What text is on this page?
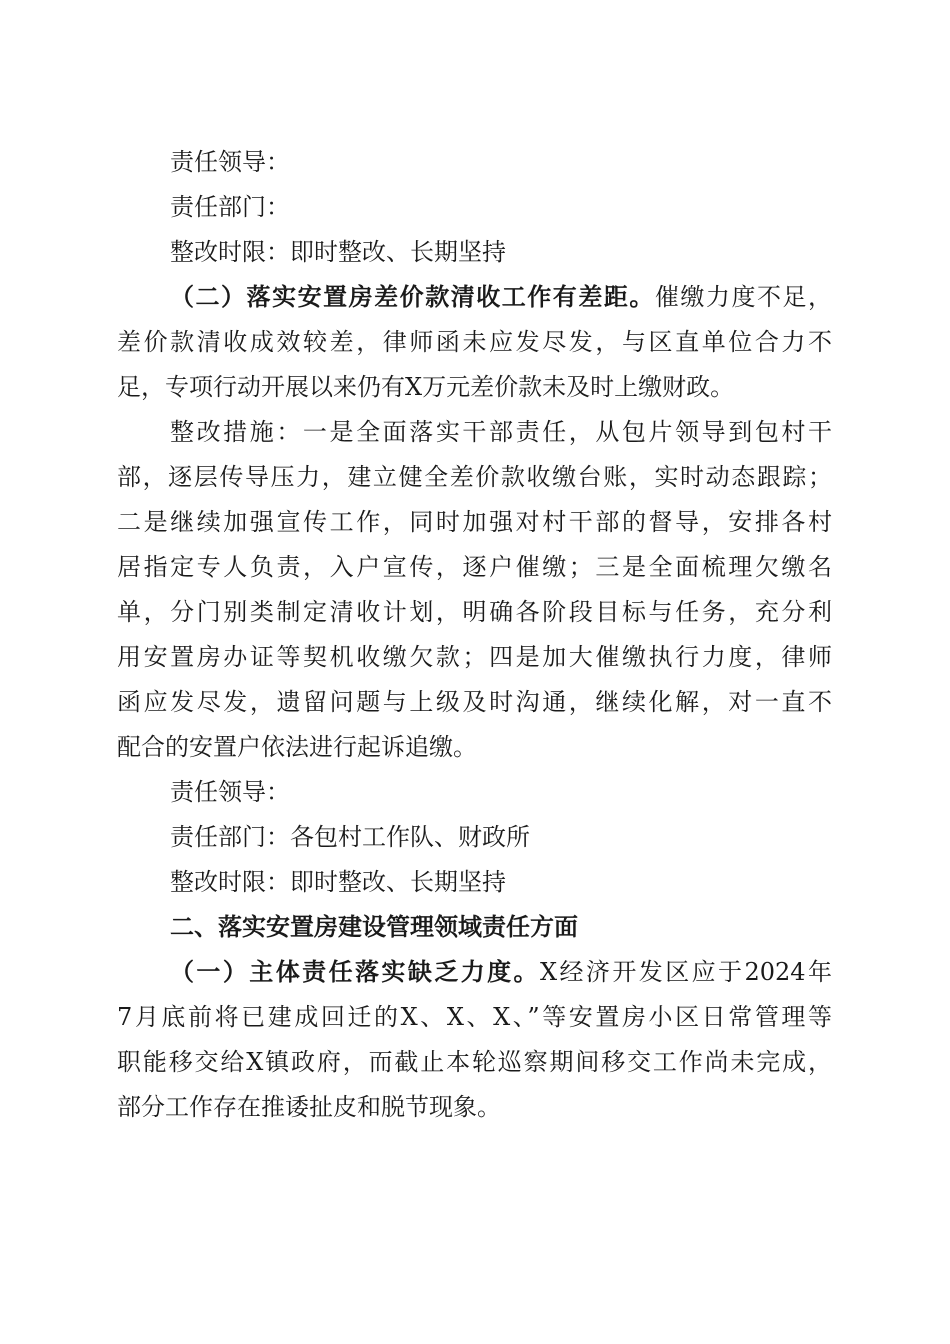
责任领导：
责任部门：
整改时限：即时整改、长期坚持
（二）落实安置房差价款清收工作有差距。催缴力度不足，
差价款清收成效较差，律师函未应发尽发，与区直单位合力不
足，专项行动开展以来仍有X万元差价款未及时上缴财政。
整改措施：一是全面落实干部责任，从包片领导到包村干
部，逐层传导压力，建立健全差价款收缴台账，实时动态跟踪；
二是继续加强宣传工作，同时加强对村干部的督导，安排各村
居指定专人负责，入户宣传，逐户催缴；三是全面梳理欠缴名
单，分门别类制定清收计划，明确各阶段目标与任务，充分利
用安置房办证等契机收缴欠款；四是加大催缴执行力度，律师
函应发尽发，遗留问题与上级及时沟通，继续化解，对一直不
配合的安置户依法进行起诉追缴。
责任领导：
责任部门：各包村工作队、财政所
整改时限：即时整改、长期坚持
二、落实安置房建设管理领域责任方面
（一）主体责任落实缺乏力度。X经济开发区应于2024年
7月底前将已建成回迁的X、X、X、”等安置房小区日常管理等
职能移交给X镇政府，而截止本轮巡察期间移交工作尚未完成，
部分工作存在推诿扯皮和脱节现象。
